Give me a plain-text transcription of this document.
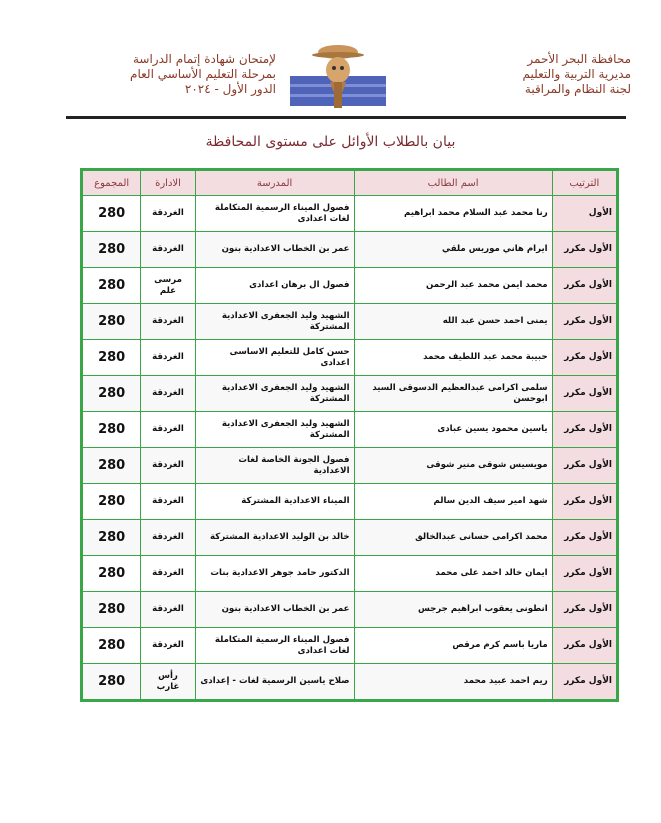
محافظة البحر الأحمر
مديرية التربية والتعليم
لجنة النظام والمراقبة
لإمتحان شهادة إتمام الدراسة
بمرحلة التعليم الأساسي العام
الدور الأول - ٢٠٢٤
بيان بالطلاب الأوائل على مستوى المحافظة
الترتيب	اسم الطالب	المدرسة	الادارة	المجموع
الأول	رنا محمد عبد السلام محمد ابراهيم	فصول الميناء الرسمية المتكاملة لغات اعدادى	الغردقة	280
الأول مكرر	ايرام هاني موريس ملقي	عمر بن الخطاب الاعدادية بنون	الغردقة	280
الأول مكرر	محمد ايمن محمد عبد الرحمن	فصول ال برهان اعدادى	مرسى علم	280
الأول مكرر	يمنى احمد حسن عبد الله	الشهيد وليد الجعفرى الاعدادية المشتركة	الغردقة	280
الأول مكرر	حبيبة محمد عبد اللطيف محمد	حسن كامل للتعليم الاساسى اعدادى	الغردقة	280
الأول مكرر	سلمى اكرامى عبدالعظيم الدسوقى السيد ابوحسن	الشهيد وليد الجعفرى الاعدادية المشتركة	الغردقة	280
الأول مكرر	ياسين محمود يسين عبادى	الشهيد وليد الجعفرى الاعدادية المشتركة	الغردقة	280
الأول مكرر	مويسيس شوقى منير شوقى	فصول الجونة الخاصة لغات الاعدادية	الغردقة	280
الأول مكرر	شهد امير سيف الدين سالم	الميناء الاعدادية المشتركة	الغردقة	280
الأول مكرر	محمد اكرامى حسانى عبدالخالق	خالد بن الوليد الاعدادية المشتركة	الغردقة	280
الأول مكرر	ايمان خالد احمد على محمد	الدكتور حامد جوهر الاعدادية بنات	الغردقة	280
الأول مكرر	انطونى يعقوب ابراهيم جرجس	عمر بن الخطاب الاعدادية بنون	الغردقة	280
الأول مكرر	ماريا باسم كرم مرقص	فصول الميناء الرسمية المتكاملة لغات اعدادى	الغردقة	280
الأول مكرر	ريم احمد عبيد محمد	صلاح ياسين الرسمية لغات - إعدادى	رأس غارب	280
